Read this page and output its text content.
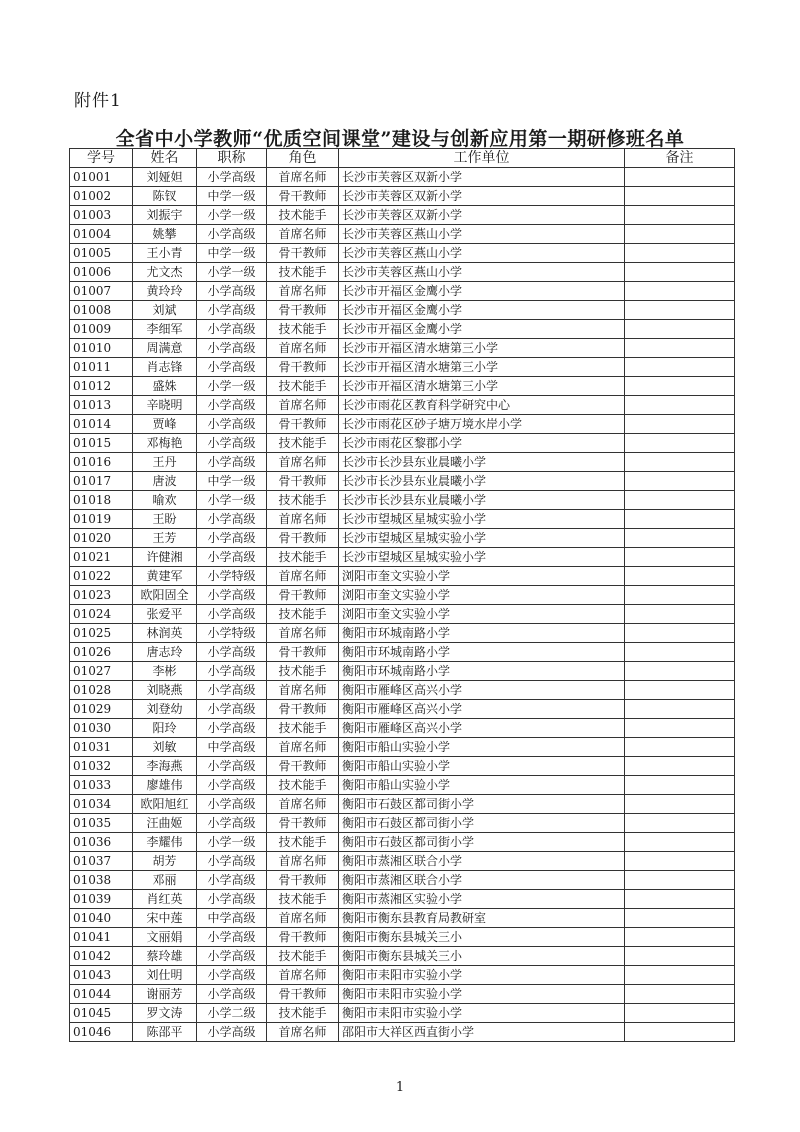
附件1
全省中小学教师“优质空间课堂”建设与创新应用第一期研修班名单
学号	姓名	职称	角色	工作单位	备注
01001	刘娅妲	小学高级	首席名师	长沙市芙蓉区双新小学	
01002	陈钗	中学一级	骨干教师	长沙市芙蓉区双新小学	
01003	刘振宇	小学一级	技术能手	长沙市芙蓉区双新小学	
01004	姚攀	小学高级	首席名师	长沙市芙蓉区燕山小学	
01005	王小青	中学一级	骨干教师	长沙市芙蓉区燕山小学	
01006	尤文杰	小学一级	技术能手	长沙市芙蓉区燕山小学	
01007	黄玲玲	小学高级	首席名师	长沙市开福区金鹰小学	
01008	刘斌	小学高级	骨干教师	长沙市开福区金鹰小学	
01009	李细军	小学高级	技术能手	长沙市开福区金鹰小学	
01010	周满意	小学高级	首席名师	长沙市开福区清水塘第三小学	
01011	肖志锋	小学高级	骨干教师	长沙市开福区清水塘第三小学	
01012	盛姝	小学一级	技术能手	长沙市开福区清水塘第三小学	
01013	辛晓明	小学高级	首席名师	长沙市雨花区教育科学研究中心	
01014	贾峰	小学高级	骨干教师	长沙市雨花区砂子塘万境水岸小学	
01015	邓梅艳	小学高级	技术能手	长沙市雨花区黎郡小学	
01016	王丹	小学高级	首席名师	长沙市长沙县东业晨曦小学	
01017	唐波	中学一级	骨干教师	长沙市长沙县东业晨曦小学	
01018	喻欢	小学一级	技术能手	长沙市长沙县东业晨曦小学	
01019	王盼	小学高级	首席名师	长沙市望城区星城实验小学	
01020	王芳	小学高级	骨干教师	长沙市望城区星城实验小学	
01021	许健湘	小学高级	技术能手	长沙市望城区星城实验小学	
01022	黄建军	小学特级	首席名师	浏阳市奎文实验小学	
01023	欧阳固全	小学高级	骨干教师	浏阳市奎文实验小学	
01024	张爱平	小学高级	技术能手	浏阳市奎文实验小学	
01025	林润英	小学特级	首席名师	衡阳市环城南路小学	
01026	唐志玲	小学高级	骨干教师	衡阳市环城南路小学	
01027	李彬	小学高级	技术能手	衡阳市环城南路小学	
01028	刘晓燕	小学高级	首席名师	衡阳市雁峰区高兴小学	
01029	刘登幼	小学高级	骨干教师	衡阳市雁峰区高兴小学	
01030	阳玲	小学高级	技术能手	衡阳市雁峰区高兴小学	
01031	刘敏	中学高级	首席名师	衡阳市船山实验小学	
01032	李海燕	小学高级	骨干教师	衡阳市船山实验小学	
01033	廖雄伟	小学高级	技术能手	衡阳市船山实验小学	
01034	欧阳旭红	小学高级	首席名师	衡阳市石鼓区都司街小学	
01035	汪曲姬	小学高级	骨干教师	衡阳市石鼓区都司街小学	
01036	李耀伟	小学一级	技术能手	衡阳市石鼓区都司街小学	
01037	胡芳	小学高级	首席名师	衡阳市蒸湘区联合小学	
01038	邓丽	小学高级	骨干教师	衡阳市蒸湘区联合小学	
01039	肖红英	小学高级	技术能手	衡阳市蒸湘区实验小学	
01040	宋中莲	中学高级	首席名师	衡阳市衡东县教育局教研室	
01041	文丽娟	小学高级	骨干教师	衡阳市衡东县城关三小	
01042	蔡玲雄	小学高级	技术能手	衡阳市衡东县城关三小	
01043	刘仕明	小学高级	首席名师	衡阳市耒阳市实验小学	
01044	谢丽芳	小学高级	骨干教师	衡阳市耒阳市实验小学	
01045	罗文涛	小学二级	技术能手	衡阳市耒阳市实验小学	
01046	陈邵平	小学高级	首席名师	邵阳市大祥区西直街小学	
1
